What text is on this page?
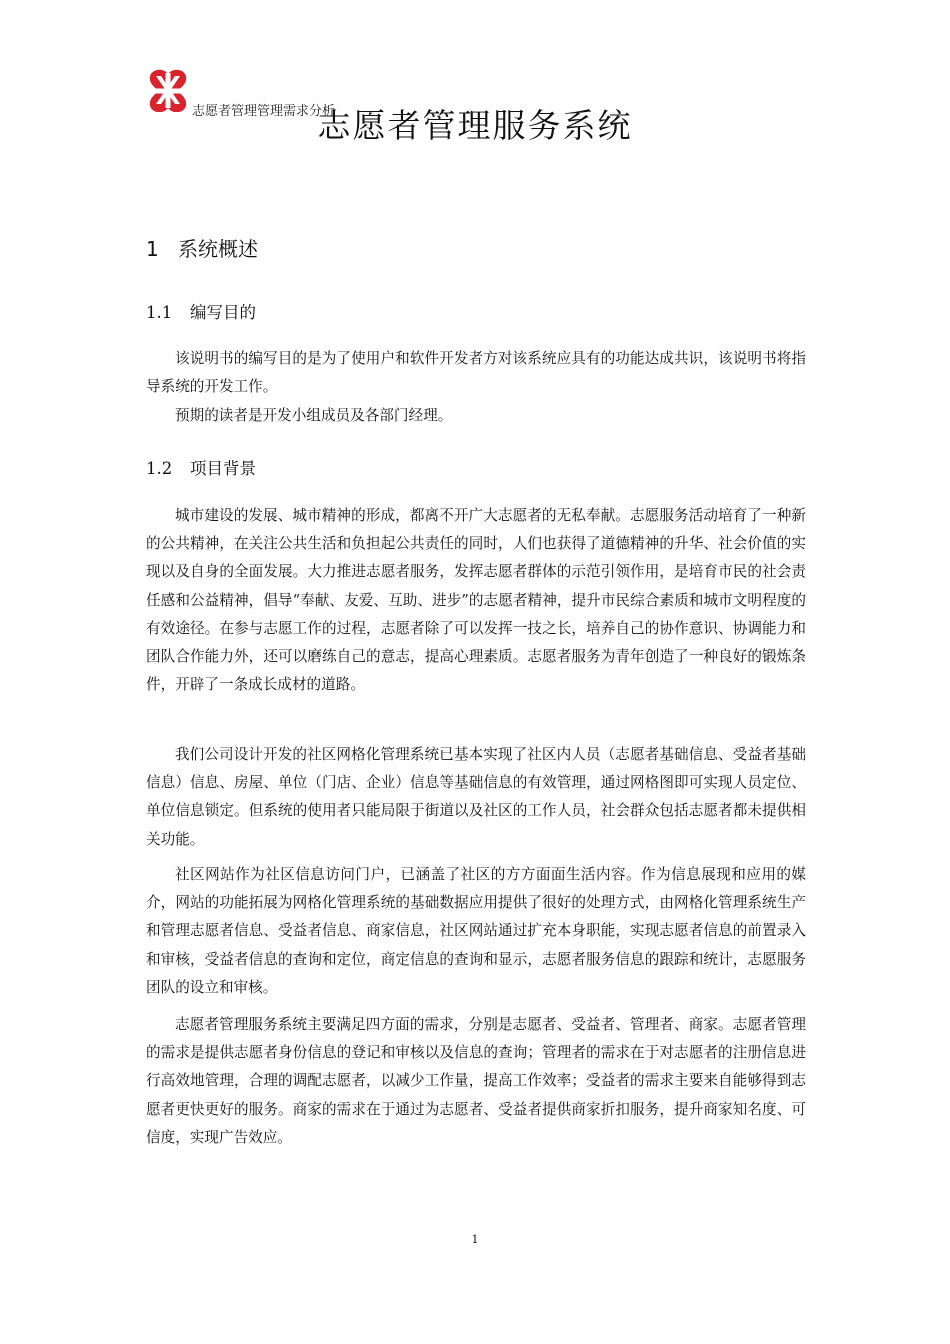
志愿者管理管理需求分析
志愿者管理服务系统
1 系统概述
1.1 编写目的

该说明书的编写目的是为了使用户和软件开发者方对该系统应具有的功能达成共识，该说明书将指导系统的开发工作。

预期的读者是开发小组成员及各部门经理。

1.2 项目背景

城市建设的发展、城市精神的形成，都离不开广大志愿者的无私奉献。志愿服务活动培育了一种新的公共精神，在关注公共生活和负担起公共责任的同时，人们也获得了道德精神的升华、社会价值的实现以及自身的全面发展。大力推进志愿者服务，发挥志愿者群体的示范引领作用，是培育市民的社会责任感和公益精神，倡导“奉献、友爱、互助、进步”的志愿者精神，提升市民综合素质和城市文明程度的有效途径。在参与志愿工作的过程，志愿者除了可以发挥一技之长，培养自己的协作意识、协调能力和团队合作能力外，还可以磨练自己的意志，提高心理素质。志愿者服务为青年创造了一种良好的锻炼条件，开辟了一条成长成材的道路。

我们公司设计开发的社区网格化管理系统已基本实现了社区内人员（志愿者基础信息、受益者基础信息）信息、房屋、单位（门店、企业）信息等基础信息的有效管理，通过网格图即可实现人员定位、单位信息锁定。但系统的使用者只能局限于街道以及社区的工作人员，社会群众包括志愿者都未提供相关功能。

社区网站作为社区信息访问门户，已涵盖了社区的方方面面生活内容。作为信息展现和应用的媒介，网站的功能拓展为网格化管理系统的基础数据应用提供了很好的处理方式，由网格化管理系统生产和管理志愿者信息、受益者信息、商家信息，社区网站通过扩充本身职能，实现志愿者信息的前置录入和审核，受益者信息的查询和定位，商定信息的查询和显示，志愿者服务信息的跟踪和统计，志愿服务团队的设立和审核。

志愿者管理服务系统主要满足四方面的需求，分别是志愿者、受益者、管理者、商家。志愿者管理的需求是提供志愿者身份信息的登记和审核以及信息的查询；管理者的需求在于对志愿者的注册信息进行高效地管理，合理的调配志愿者，以减少工作量，提高工作效率；受益者的需求主要来自能够得到志愿者更快更好的服务。商家的需求在于通过为志愿者、受益者提供商家折扣服务，提升商家知名度、可信度，实现广告效应。

1
